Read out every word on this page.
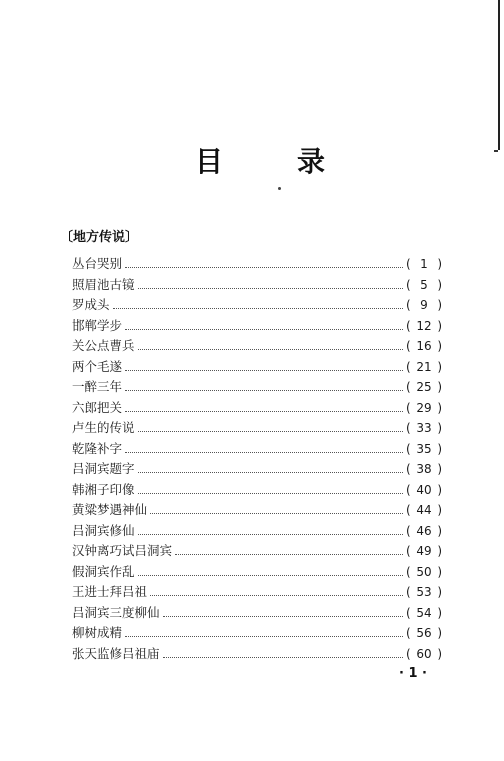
目	录
〔地方传说〕
丛台哭别	( 1 )
照眉池古镜	( 5 )
罗成头	( 9 )
邯郸学步	( 12 )
关公点曹兵	( 16 )
两个毛遂	( 21 )
一醉三年	( 25 )
六郎把关	( 29 )
卢生的传说	( 33 )
乾隆补字	( 35 )
吕洞宾题字	( 38 )
韩湘子印像	( 40 )
黄粱梦遇神仙	( 44 )
吕洞宾修仙	( 46 )
汉钟离巧试吕洞宾	( 49 )
假洞宾作乱	( 50 )
王进士拜吕祖	( 53 )
吕洞宾三度柳仙	( 54 )
柳树成精	( 56 )
张天监修吕祖庙	( 60 )
· 1 ·
